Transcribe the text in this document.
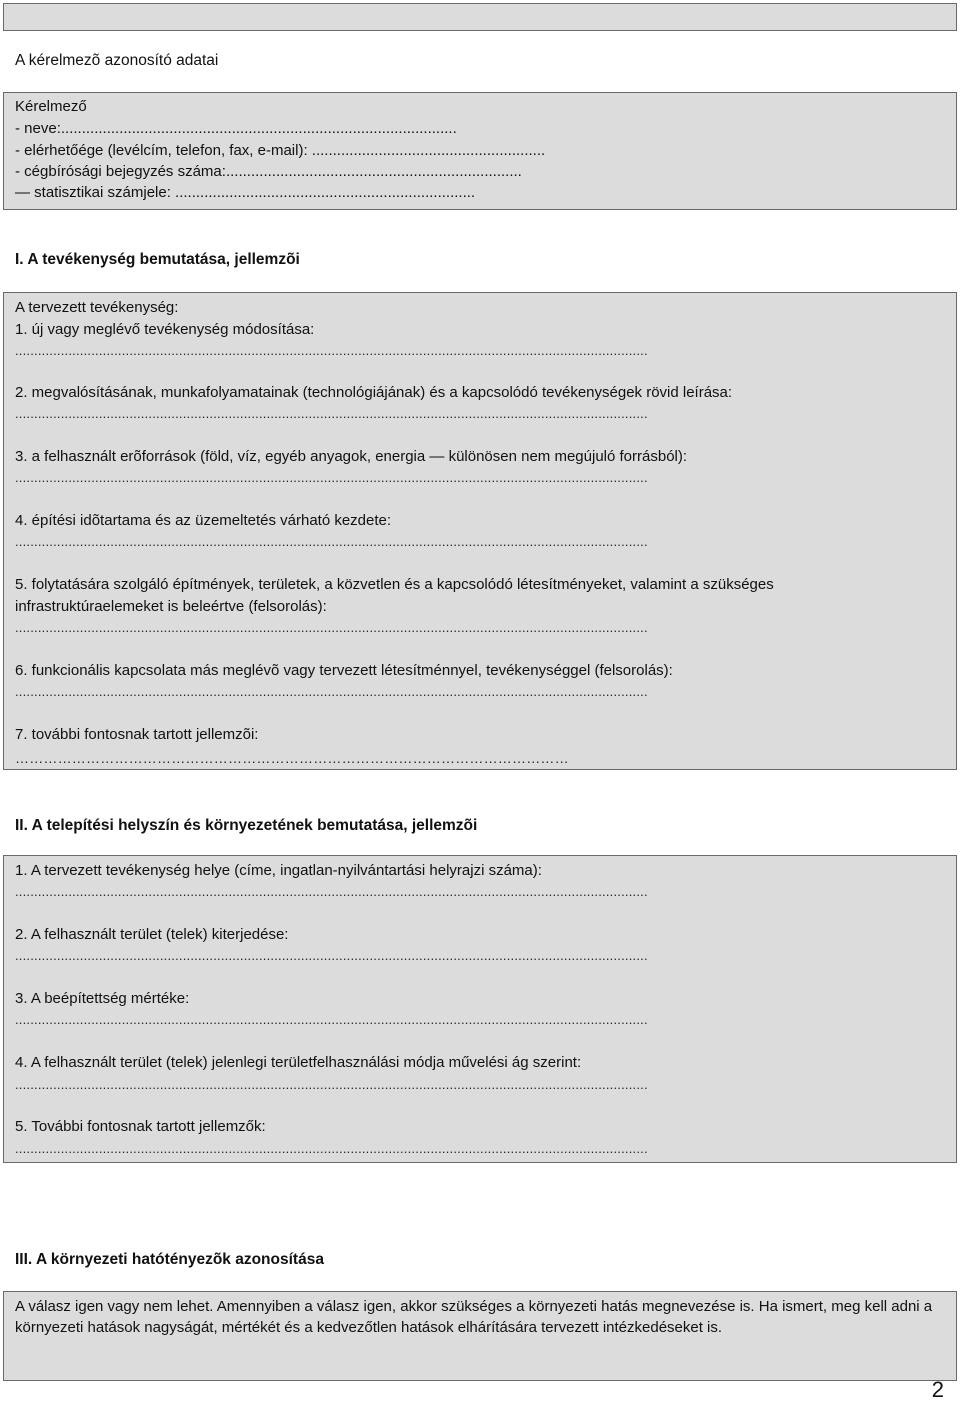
A kérelmezõ azonosító adatai
Kérelmező
- neve:...............................................................................................
- elérhetőége (levélcím, telefon, fax, e-mail): ........................................................
- cégbírósági bejegyzés száma:.......................................................................
— statisztikai számjele: ........................................................................
I. A tevékenység bemutatása, jellemzõi
A tervezett tevékenység:
1. új vagy meglévő tevékenység módosítása:
......................................................................................................................................................................
2. megvalósításának, munkafolyamatainak (technológiájának) és a kapcsolódó tevékenységek rövid leírása:
......................................................................................................................................................................
3. a felhasznált erõforrások (föld, víz, egyéb anyagok, energia — különösen nem megújuló forrásból):
......................................................................................................................................................................
4. építési idõtartama és az üzemeltetés várható kezdete:
......................................................................................................................................................................
5. folytatására szolgáló építmények, területek, a közvetlen és a kapcsolódó létesítményeket, valamint a szükséges
infrastruktúraelemeket is beleértve (felsorolás):
......................................................................................................................................................................
6. funkcionális kapcsolata más meglévõ vagy tervezett létesítménnyel, tevékenységgel (felsorolás):
......................................................................................................................................................................
7. további fontosnak tartott jellemzõi:
………………………………………………………………………………………………………
II. A telepítési helyszín és környezetének bemutatása, jellemzõi
1. A tervezett tevékenység helye (címe, ingatlan-nyilvántartási helyrajzi száma):
......................................................................................................................................................................
2. A felhasznált terület (telek) kiterjedése:
......................................................................................................................................................................
3. A beépítettség mértéke:
......................................................................................................................................................................
4. A felhasznált terület (telek) jelenlegi területfelhasználási módja művelési ág szerint:
......................................................................................................................................................................
5. További fontosnak tartott jellemzők:
......................................................................................................................................................................
III. A környezeti hatótényezõk azonosítása
A válasz igen vagy nem lehet. Amennyiben a válasz igen, akkor szükséges a környezeti hatás megnevezése is. Ha ismert, meg kell adni a környezeti hatások nagyságát, mértékét és a kedvezőtlen hatások elhárítására tervezett intézkedéseket is.
2
